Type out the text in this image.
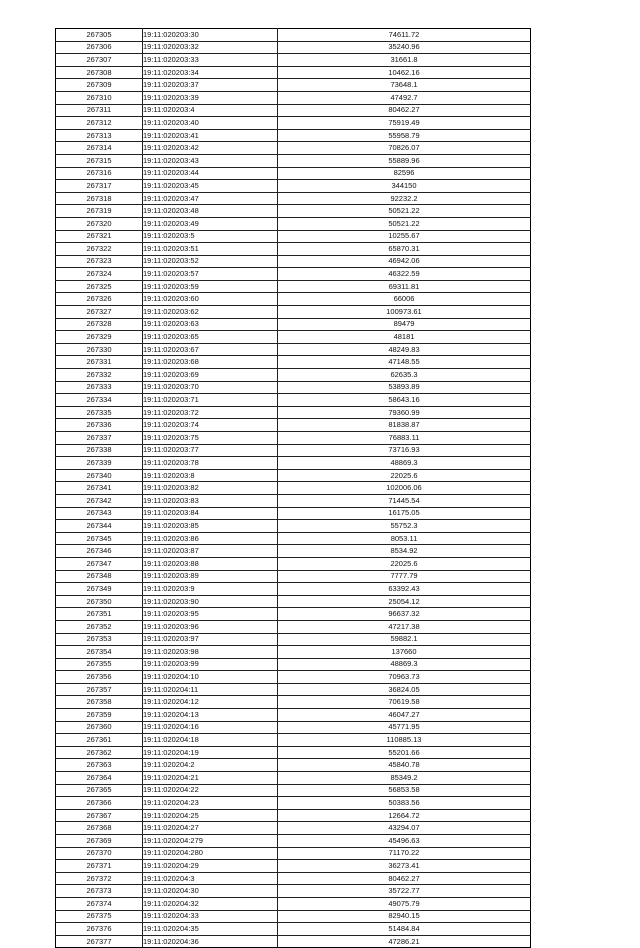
267305	19:11:020203:30	74611.72
267306	19:11:020203:32	35240.96
267307	19:11:020203:33	31661.8
267308	19:11:020203:34	10462.16
267309	19:11:020203:37	73648.1
267310	19:11:020203:39	47492.7
267311	19:11:020203:4	80462.27
267312	19:11:020203:40	75919.49
267313	19:11:020203:41	55958.79
267314	19:11:020203:42	70826.07
267315	19:11:020203:43	55889.96
267316	19:11:020203:44	82596
267317	19:11:020203:45	344150
267318	19:11:020203:47	92232.2
267319	19:11:020203:48	50521.22
267320	19:11:020203:49	50521.22
267321	19:11:020203:5	10255.67
267322	19:11:020203:51	65870.31
267323	19:11:020203:52	46942.06
267324	19:11:020203:57	46322.59
267325	19:11:020203:59	69311.81
267326	19:11:020203:60	66006
267327	19:11:020203:62	100973.61
267328	19:11:020203:63	89479
267329	19:11:020203:65	48181
267330	19:11:020203:67	48249.83
267331	19:11:020203:68	47148.55
267332	19:11:020203:69	62635.3
267333	19:11:020203:70	53893.89
267334	19:11:020203:71	58643.16
267335	19:11:020203:72	79360.99
267336	19:11:020203:74	81838.87
267337	19:11:020203:75	76883.11
267338	19:11:020203:77	73716.93
267339	19:11:020203:78	48869.3
267340	19:11:020203:8	22025.6
267341	19:11:020203:82	102006.06
267342	19:11:020203:83	71445.54
267343	19:11:020203:84	16175.05
267344	19:11:020203:85	55752.3
267345	19:11:020203:86	8053.11
267346	19:11:020203:87	8534.92
267347	19:11:020203:88	22025.6
267348	19:11:020203:89	7777.79
267349	19:11:020203:9	63392.43
267350	19:11:020203:90	25054.12
267351	19:11:020203:95	96637.32
267352	19:11:020203:96	47217.38
267353	19:11:020203:97	59882.1
267354	19:11:020203:98	137660
267355	19:11:020203:99	48869.3
267356	19:11:020204:10	70963.73
267357	19:11:020204:11	36824.05
267358	19:11:020204:12	70619.58
267359	19:11:020204:13	46047.27
267360	19:11:020204:16	45771.95
267361	19:11:020204:18	110885.13
267362	19:11:020204:19	55201.66
267363	19:11:020204:2	45840.78
267364	19:11:020204:21	85349.2
267365	19:11:020204:22	56853.58
267366	19:11:020204:23	50383.56
267367	19:11:020204:25	12664.72
267368	19:11:020204:27	43294.07
267369	19:11:020204:279	45496.63
267370	19:11:020204:280	71170.22
267371	19:11:020204:29	36273.41
267372	19:11:020204:3	80462.27
267373	19:11:020204:30	35722.77
267374	19:11:020204:32	49075.79
267375	19:11:020204:33	82940.15
267376	19:11:020204:35	51484.84
267377	19:11:020204:36	47286.21
